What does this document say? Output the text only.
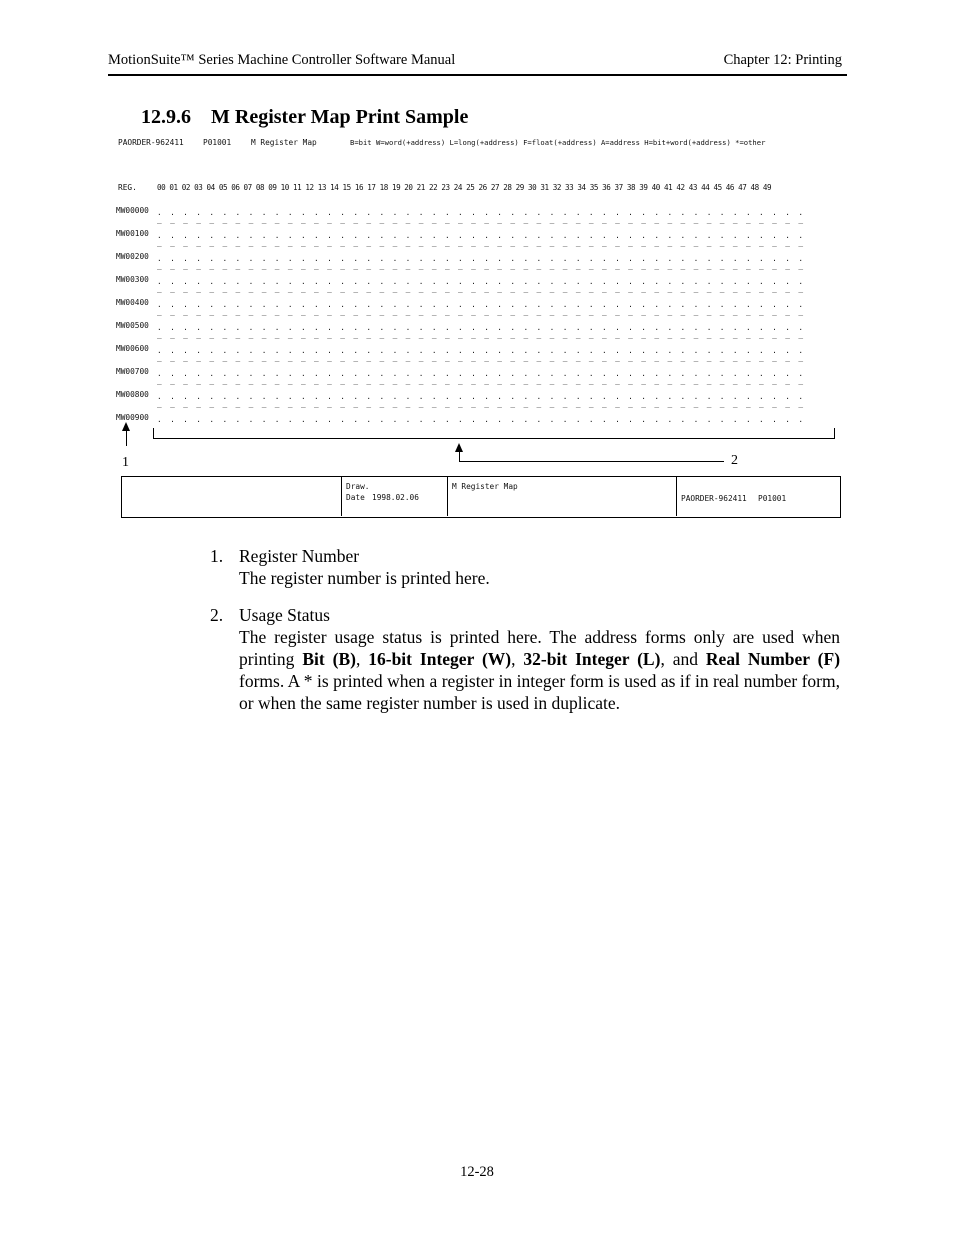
MotionSuite™ Series Machine Controller Software Manual	Chapter 12: Printing
12.9.6 M Register Map Print Sample
PAORDER-962411 P01001	M Register Map	B=bit W=word(+address) L=long(+address) F=float(+address) A=address H=bit+word(+address) *=other
REG.	00 01 02 03 04 05 06 07 08 09 10 11 12 13 14 15 16 17 18 19 20 21 22 23 24 25 26 27 28 29 30 31 32 33 34 35 36 37 38 39 40 41 42 43 44 45 46 47 48 49
MW00000 . . . . . . . . . . . . . . . . . . . . . . . . . . . . . . . . . . . . . . . . . . . . . . . . . .
_ _ _ _ _ _ _ _ _ _ _ _ _ _ _ _ _ _ _ _ _ _ _ _ _ _ _ _ _ _ _ _ _ _ _ _ _ _ _ _ _ _ _ _ _ _ _ _ _ _
MW00100 . . . . . . . . . . . . . . . . . . . . . . . . . . . . . . . . . . . . . . . . . . . . . . . . . .
_ _ _ _ _ _ _ _ _ _ _ _ _ _ _ _ _ _ _ _ _ _ _ _ _ _ _ _ _ _ _ _ _ _ _ _ _ _ _ _ _ _ _ _ _ _ _ _ _ _
MW00200 . . . . . . . . . . . . . . . . . . . . . . . . . . . . . . . . . . . . . . . . . . . . . . . . . .
_ _ _ _ _ _ _ _ _ _ _ _ _ _ _ _ _ _ _ _ _ _ _ _ _ _ _ _ _ _ _ _ _ _ _ _ _ _ _ _ _ _ _ _ _ _ _ _ _ _
MW00300 . . . . . . . . . . . . . . . . . . . . . . . . . . . . . . . . . . . . . . . . . . . . . . . . . .
_ _ _ _ _ _ _ _ _ _ _ _ _ _ _ _ _ _ _ _ _ _ _ _ _ _ _ _ _ _ _ _ _ _ _ _ _ _ _ _ _ _ _ _ _ _ _ _ _ _
MW00400 . . . . . . . . . . . . . . . . . . . . . . . . . . . . . . . . . . . . . . . . . . . . . . . . . .
_ _ _ _ _ _ _ _ _ _ _ _ _ _ _ _ _ _ _ _ _ _ _ _ _ _ _ _ _ _ _ _ _ _ _ _ _ _ _ _ _ _ _ _ _ _ _ _ _ _
MW00500 . . . . . . . . . . . . . . . . . . . . . . . . . . . . . . . . . . . . . . . . . . . . . . . . . .
_ _ _ _ _ _ _ _ _ _ _ _ _ _ _ _ _ _ _ _ _ _ _ _ _ _ _ _ _ _ _ _ _ _ _ _ _ _ _ _ _ _ _ _ _ _ _ _ _ _
MW00600 . . . . . . . . . . . . . . . . . . . . . . . . . . . . . . . . . . . . . . . . . . . . . . . . . .
_ _ _ _ _ _ _ _ _ _ _ _ _ _ _ _ _ _ _ _ _ _ _ _ _ _ _ _ _ _ _ _ _ _ _ _ _ _ _ _ _ _ _ _ _ _ _ _ _ _
MW00700 . . . . . . . . . . . . . . . . . . . . . . . . . . . . . . . . . . . . . . . . . . . . . . . . . .
_ _ _ _ _ _ _ _ _ _ _ _ _ _ _ _ _ _ _ _ _ _ _ _ _ _ _ _ _ _ _ _ _ _ _ _ _ _ _ _ _ _ _ _ _ _ _ _ _ _
MW00800 . . . . . . . . . . . . . . . . . . . . . . . . . . . . . . . . . . . . . . . . . . . . . . . . . .
_ _ _ _ _ _ _ _ _ _ _ _ _ _ _ _ _ _ _ _ _ _ _ _ _ _ _ _ _ _ _ _ _ _ _ _ _ _ _ _ _ _ _ _ _ _ _ _ _ _
MW00900 . . . . . . . . . . . . . . . . . . . . . . . . . . . . . . . . . . . . . . . . . . . . . . . . . .
1	2
Draw.
Date 1998.02.06
M Register Map
PAORDER-962411 P01001
1. Register Number
The register number is printed here.
2. Usage Status
The register usage status is printed here. The address forms only are used when printing Bit (B), 16-bit Integer (W), 32-bit Integer (L), and Real Number (F) forms. A * is printed when a register in integer form is used as if in real number form, or when the same register number is used in duplicate.
12-28
